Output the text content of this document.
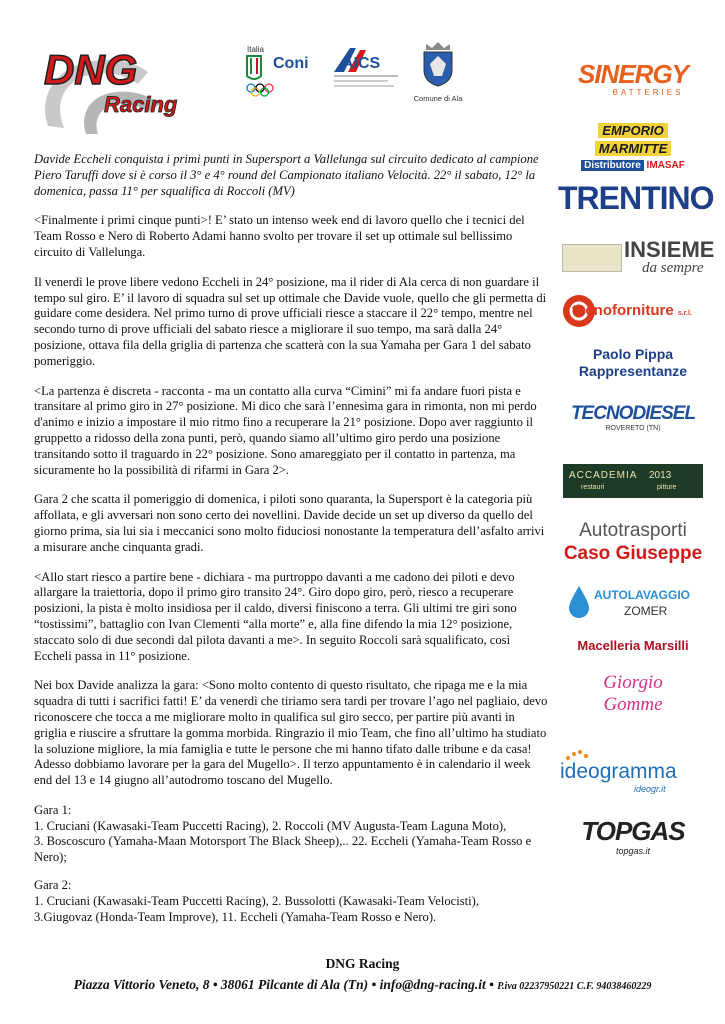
DNG
Racing
Italia
Coni AICS
Comune di Ala

Davide Eccheli conquista i primi punti in Supersport a Vallelunga sul circuito dedicato al campione Piero Taruffi dove si è corso il 3° e 4° round del Campionato italiano Velocità. 22° il sabato, 12° la domenica, passa 11° per squalifica di Roccoli (MV)

<Finalmente i primi cinque punti>! E’ stato un intenso week end di lavoro quello che i tecnici del Team Rosso e Nero di Roberto Adami hanno svolto per trovare il set up ottimale sul bellissimo circuito di Vallelunga.

Il venerdì le prove libere vedono Eccheli in 24° posizione, ma il rider di Ala cerca di non guardare il tempo sul giro. E’ il lavoro di squadra sul set up ottimale che Davide vuole, quello che gli permetta di guidare come desidera. Nel primo turno di prove ufficiali riesce a staccare il 22° tempo, mentre nel secondo turno di prove ufficiali del sabato riesce a migliorare il suo tempo, ma sarà dalla 24° posizione, ottava fila della griglia di partenza che scatterà con la sua Yamaha per Gara 1 del sabato pomeriggio.

<La partenza è discreta - racconta - ma un contatto alla curva “Cimini” mi fa andare fuori pista e transitare al primo giro in 27° posizione. Mi dico che sarà l’ennesima gara in rimonta, non mi perdo d'animo e inizio a impostare il mio ritmo fino a recuperare la 21° posizione. Dopo aver raggiunto il gruppetto a ridosso della zona punti, però, quando siamo all’ultimo giro perdo una posizione transitando sotto il traguardo in 22° posizione. Sono amareggiato per il contatto in partenza, ma sicuramente ho la possibilità di rifarmi in Gara 2>.

Gara 2 che scatta il pomeriggio di domenica, i piloti sono quaranta, la Supersport è la categoria più affollata, e gli avversari non sono certo dei novellini. Davide decide un set up diverso da quello del giorno prima, sia lui sia i meccanici sono molto fiduciosi nonostante la temperatura dell’asfalto arrivi a misurare anche cinquanta gradi.

<Allo start riesco a partire bene - dichiara - ma purtroppo davanti a me cadono dei piloti e devo allargare la traiettoria, dopo il primo giro transito 24°. Giro dopo giro, però, riesco a recuperare posizioni, la pista è molto insidiosa per il caldo, diversi finiscono a terra. Gli ultimi tre giri sono “tostissimi”, battaglio con Ivan Clementi “alla morte” e, alla fine difendo la mia 12° posizione, staccato solo di due secondi dal pilota davanti a me>. In seguito Roccoli sarà squalificato, così Eccheli passa in 11° posizione.

Nei box Davide analizza la gara: <Sono molto contento di questo risultato, che ripaga me e la mia squadra di tutti i sacrifici fatti! E’ da venerdì che tiriamo sera tardi per trovare l’ago nel pagliaio, devo riconoscere che tocca a me migliorare molto in qualifica sul giro secco, per partire più avanti in griglia e riuscire a sfruttare la gomma morbida. Ringrazio il mio Team, che fino all’ultimo ha studiato la soluzione migliore, la mia famiglia e tutte le persone che mi hanno tifato dalle tribune e da casa! Adesso dobbiamo lavorare per la gara del Mugello>. Il terzo appuntamento è in calendario il week end del 13 e 14 giugno all’autodromo toscano del Mugello.

Gara 1:
1. Cruciani (Kawasaki-Team Puccetti Racing), 2. Roccoli (MV Augusta-Team Laguna Moto),
3. Boscoscuro (Yamaha-Maan Motorsport The Black Sheep),.. 22. Eccheli (Yamaha-Team Rosso e Nero);

Gara 2:
1. Cruciani (Kawasaki-Team Puccetti Racing), 2. Bussolotti (Kawasaki-Team Velocisti),
3.Giugovaz (Honda-Team Improve), 11. Eccheli (Yamaha-Team Rosso e Nero).

DNG Racing
Piazza Vittorio Veneto, 8 • 38061 Pilcante di Ala (Tn) • info@dng-racing.it • P.iva 02237950221 C.F. 94038460229
SINERGY
BATTERIES
EMPORIO
MARMITTE
Distributore IMASAF
TRENTINO
INSIEME
da sempre
tecnoforniture s.r.l.
Paolo Pippa
Rappresentanze
TECNODIESEL
ROVERETO (TN)
ACCADEMIA 2013
restauri	pitture
Autotrasporti
Caso Giuseppe
AUTOLAVAGGIO
ZOMER
Macelleria Marsilli
Giorgio
Gomme
ideogramma
ideogr.it
TOPGAS
topgas.it
